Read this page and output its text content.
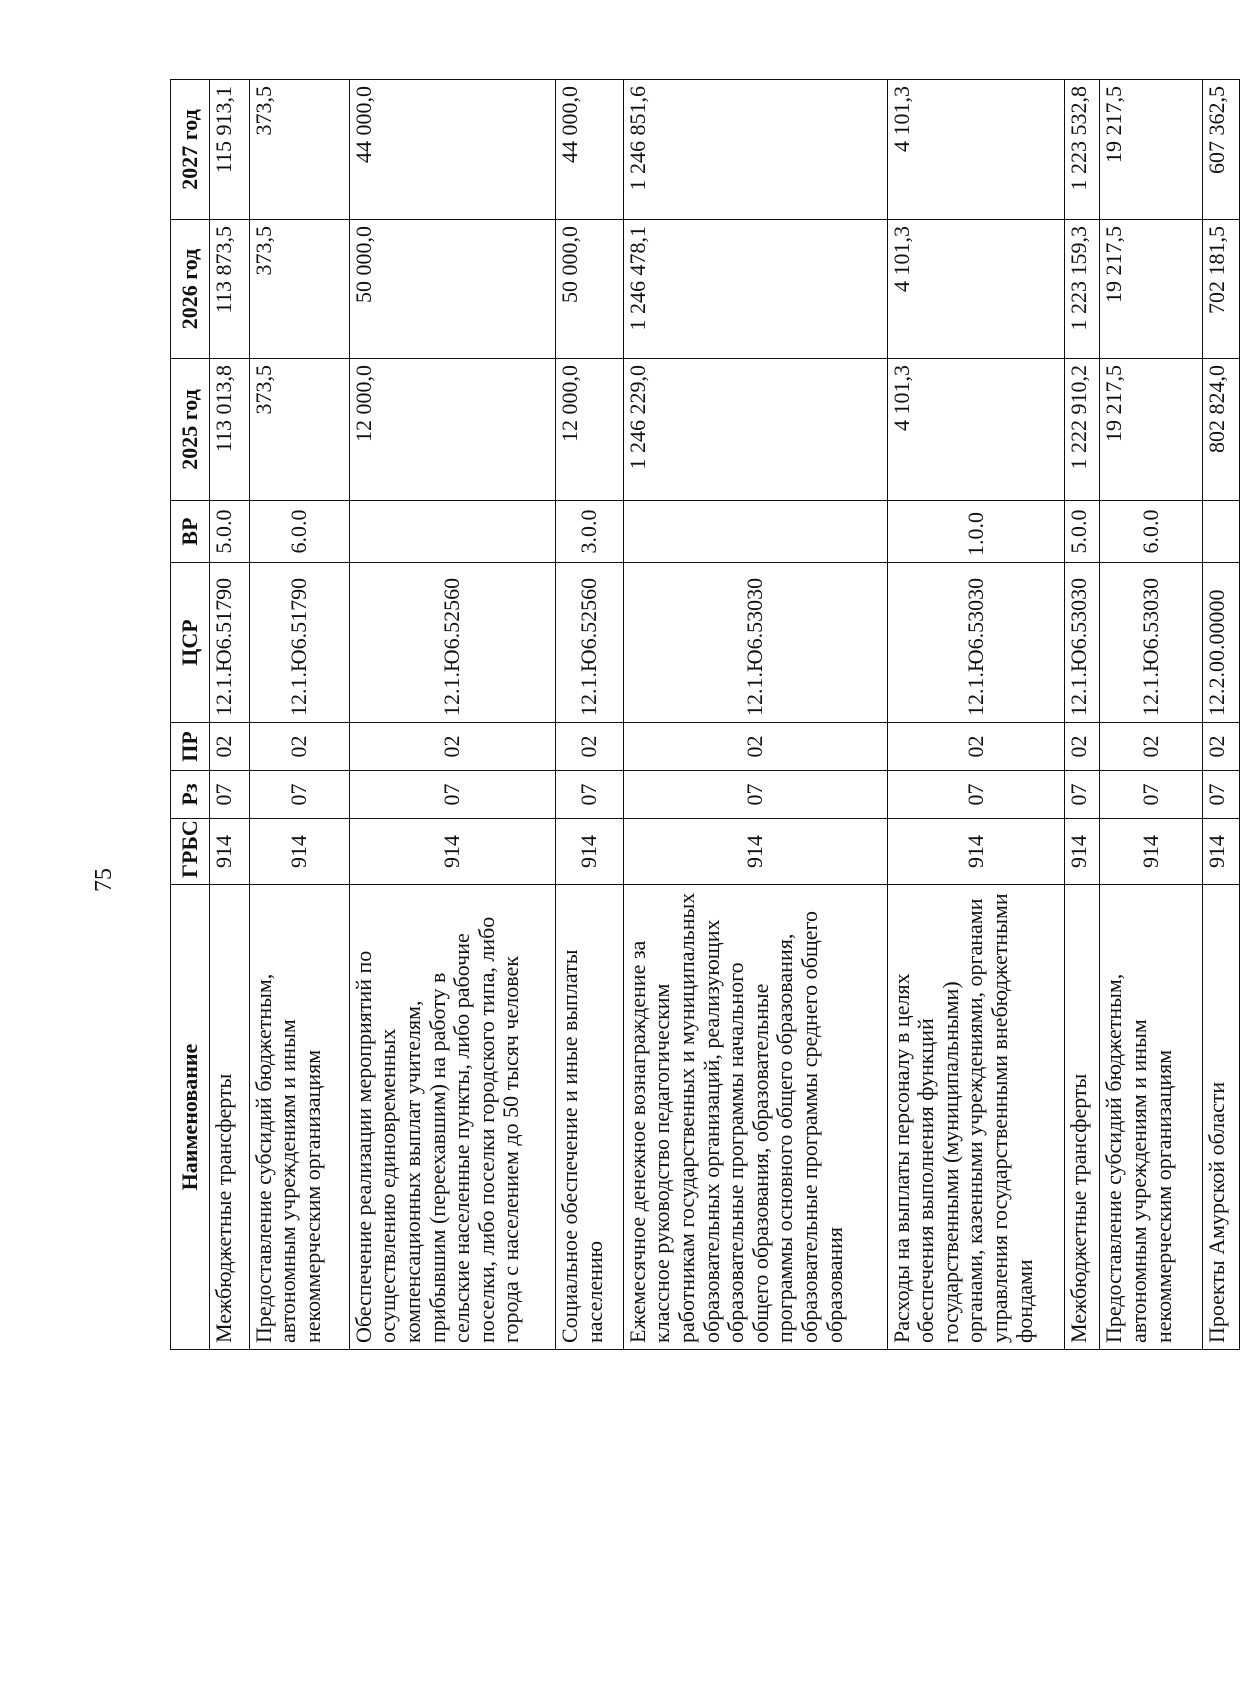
75
Наименование	ГРБС	Рз	ПР	ЦСР	ВР	2025 год	2026 год	2027 год
Межбюджетные трансферты	914	07	02	12.1.Ю6.51790	5.0.0	113 013,8	113 873,5	115 913,1
Предоставление субсидий бюджетным, автономным учреждениям и иным некоммерческим организациям	914	07	02	12.1.Ю6.51790	6.0.0	373,5	373,5	373,5
Обеспечение реализации мероприятий по осуществлению единовременных компенсационных выплат учителям, прибывшим (переехавшим) на работу в сельские населенные пункты, либо рабочие поселки, либо поселки городского типа, либо города с населением до 50 тысяч человек	914	07	02	12.1.Ю6.52560		12 000,0	50 000,0	44 000,0
Социальное обеспечение и иные выплаты населению	914	07	02	12.1.Ю6.52560	3.0.0	12 000,0	50 000,0	44 000,0
Ежемесячное денежное вознаграждение за классное руководство педагогическим работникам государственных и муниципальных образовательных организаций, реализующих образовательные программы начального общего образования, образовательные программы основного общего образования, образовательные программы среднего общего образования	914	07	02	12.1.Ю6.53030		1 246 229,0	1 246 478,1	1 246 851,6
Расходы на выплаты персоналу в целях обеспечения выполнения функций государственными (муниципальными) органами, казенными учреждениями, органами управления государственными внебюджетными фондами	914	07	02	12.1.Ю6.53030	1.0.0	4 101,3	4 101,3	4 101,3
Межбюджетные трансферты	914	07	02	12.1.Ю6.53030	5.0.0	1 222 910,2	1 223 159,3	1 223 532,8
Предоставление субсидий бюджетным, автономным учреждениям и иным некоммерческим организациям	914	07	02	12.1.Ю6.53030	6.0.0	19 217,5	19 217,5	19 217,5
Проекты Амурской области	914	07	02	12.2.00.00000		802 824,0	702 181,5	607 362,5
